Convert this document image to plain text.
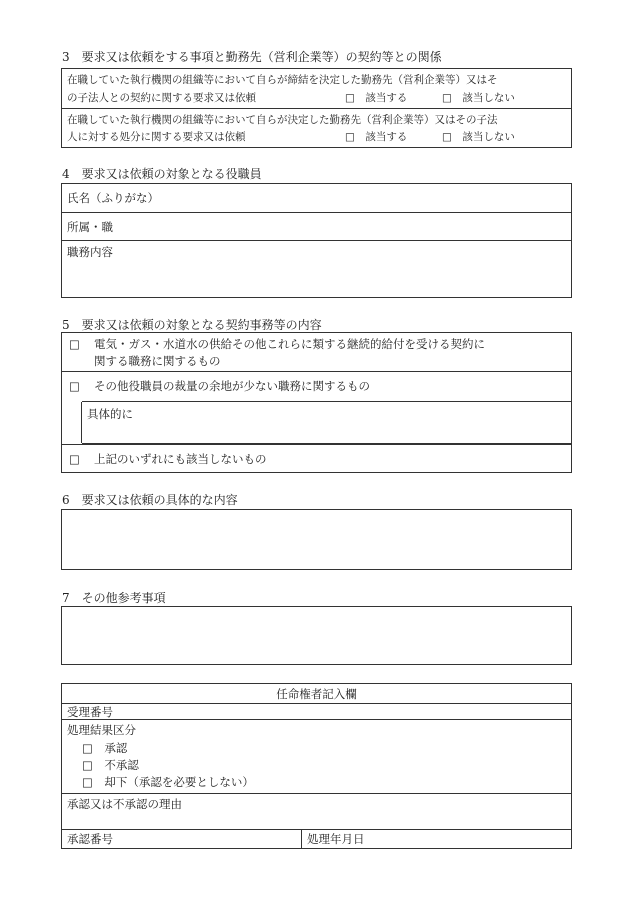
3　要求又は依頼をする事項と勤務先（営利企業等）の契約等との関係
在職していた執行機関の組織等において自らが締結を決定した勤務先（営利企業等）又はそ
の子法人との契約に関する要求又は依頼	□　該当する	□　該当しない
在職していた執行機関の組織等において自らが決定した勤務先（営利企業等）又はその子法
人に対する処分に関する要求又は依頼	□　該当する	□　該当しない
4　要求又は依頼の対象となる役職員
氏名（ふりがな）
所属・職
職務内容
5　要求又は依頼の対象となる契約事務等の内容
□ 電気・ガス・水道水の供給その他これらに類する継続的給付を受ける契約に
関する職務に関するもの
□ その他役職員の裁量の余地が少ない職務に関するもの
具体的に
□ 上記のいずれにも該当しないもの
6　要求又は依頼の具体的な内容
7　その他参考事項
任命権者記入欄
受理番号
処理結果区分
□　承認
□　不承認
□　却下（承認を必要としない）
承認又は不承認の理由
承認番号	処理年月日
